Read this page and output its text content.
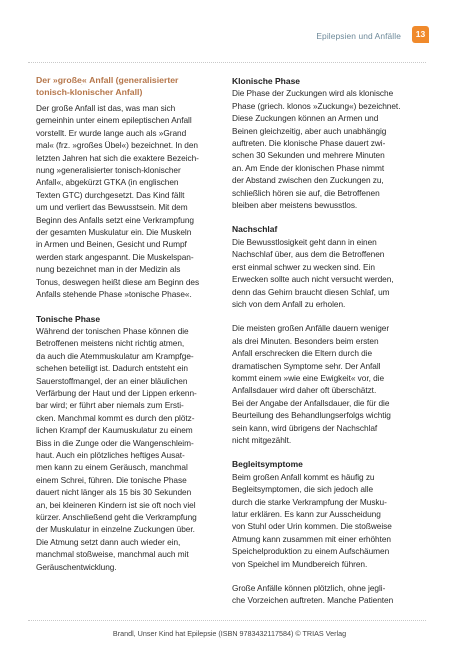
Epilepsien und Anfälle	13
Der »großeׅ« Anfall (generalisierter
tonisch-klonischer Anfall)
Der große Anfall ist das, was man sich
gemeinhin unter einem epileptischen Anfall
vorstellt. Er wurde lange auch als »Grand
mal« (frz. »großes Übel«) bezeichnet. In den
letzten Jahren hat sich die exaktere Bezeich-
nung »generalisierter tonisch-klonischer
Anfall«, abgekürzt GTKA (in englischen
Texten GTC) durchgesetzt. Das Kind fällt
um und verliert das Bewusstsein. Mit dem
Beginn des Anfalls setzt eine Verkrampfung
der gesamten Muskulatur ein. Die Muskeln
in Armen und Beinen, Gesicht und Rumpf
werden stark angespannt. Die Muskelspan-
nung bezeichnet man in der Medizin als
Tonus, deswegen heißt diese am Beginn des
Anfalls stehende Phase »tonische Phase«.
Tonische Phase
Während der tonischen Phase können die
Betroffenen meistens nicht richtig atmen,
da auch die Atemmuskulatur am Krampfge-
schehen beteiligt ist. Dadurch entsteht ein
Sauerstoffmangel, der an einer bläulichen
Verfärbung der Haut und der Lippen erkenn-
bar wird; er führt aber niemals zum Ersti-
cken. Manchmal kommt es durch den plötz-
lichen Krampf der Kaumuskulatur zu einem
Biss in die Zunge oder die Wangenschleim-
haut. Auch ein plötzliches heftiges Ausat-
men kann zu einem Geräusch, manchmal
einem Schrei, führen. Die tonische Phase
dauert nicht länger als 15 bis 30 Sekunden
an, bei kleineren Kindern ist sie oft noch viel
kürzer. Anschließend geht die Verkrampfung
der Muskulatur in einzelne Zuckungen über.
Die Atmung setzt dann auch wieder ein,
manchmal stoßweise, manchmal auch mit
Geräuschentwicklung.
Klonische Phase
Die Phase der Zuckungen wird als klonische
Phase (griech. klonos »Zuckung«) bezeichnet.
Diese Zuckungen können an Armen und
Beinen gleichzeitig, aber auch unabhängig
auftreten. Die klonische Phase dauert zwi-
schen 30 Sekunden und mehrere Minuten
an. Am Ende der klonischen Phase nimmt
der Abstand zwischen den Zuckungen zu,
schließlich hören sie auf, die Betroffenen
bleiben aber meistens bewusstlos.
Nachschlaf
Die Bewusstlosigkeit geht dann in einen
Nachschlaf über, aus dem die Betroffenen
erst einmal schwer zu wecken sind. Ein
Erwecken sollte auch nicht versucht werden,
denn das Gehirn braucht diesen Schlaf, um
sich von dem Anfall zu erholen.
Die meisten großen Anfälle dauern weniger
als drei Minuten. Besonders beim ersten
Anfall erschrecken die Eltern durch die
dramatischen Symptome sehr. Der Anfall
kommt einem »wie eine Ewigkeit« vor, die
Anfallsdauer wird daher oft überschätzt.
Bei der Angabe der Anfallsdauer, die für die
Beurteilung des Behandlungserfolgs wichtig
sein kann, wird übrigens der Nachschlaf
nicht mitgezählt.
Begleitsymptome
Beim großen Anfall kommt es häufig zu
Begleitsymptomen, die sich jedoch alle
durch die starke Verkrampfung der Musku-
latur erklären. Es kann zur Ausscheidung
von Stuhl oder Urin kommen. Die stoßweise
Atmung kann zusammen mit einer erhöhten
Speichelproduktion zu einem Aufschäumen
von Speichel im Mundbereich führen.
Große Anfälle können plötzlich, ohne jegli-
che Vorzeichen auftreten. Manche Patienten
Brandl, Unser Kind hat Epilepsie (ISBN 9783432117584) © TRIAS Verlag
